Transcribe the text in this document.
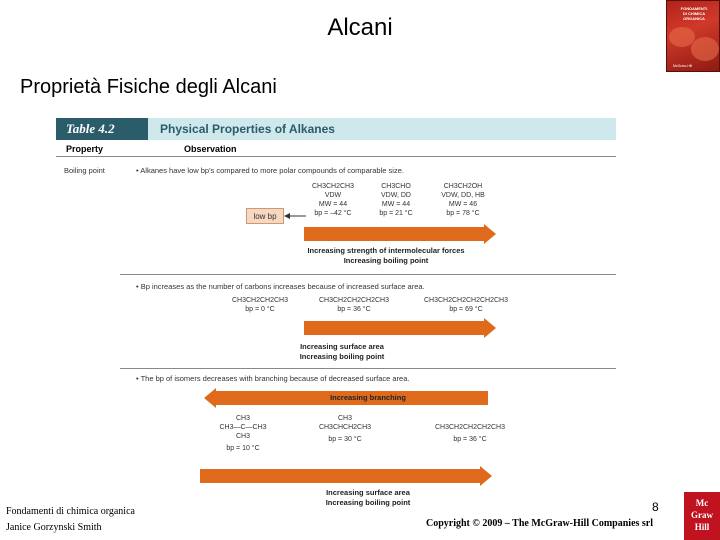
Alcani
Proprietà Fisiche degli Alcani
FONDAMENTI
DI CHIMICA
ORGANICA
McGraw-Hill
Table 4.2	Physical Properties of Alkanes
Property	Observation
Boiling point	• Alkanes have low bp's compared to more polar compounds of comparable size.
CH3CH2CH3
VDW
MW = 44
bp = –42 °C
CH3CHO
VDW, DD
MW = 44
bp = 21 °C
CH3CH2OH
VDW, DD, HB
MW = 46
bp = 78 °C
low bp
Increasing strength of intermolecular forces
Increasing boiling point
• Bp increases as the number of carbons increases because of increased surface area.
CH3CH2CH2CH3
bp = 0 °C
CH3CH2CH2CH2CH3
bp = 36 °C
CH3CH2CH2CH2CH2CH3
bp = 69 °C
Increasing surface area
Increasing boiling point
• The bp of isomers decreases with branching because of decreased surface area.
Increasing branching
CH3
CH3—C—CH3
CH3
bp = 10 °C
CH3
CH3CHCH2CH3
bp = 30 °C
CH3CH2CH2CH2CH3
bp = 36 °C
Increasing surface area
Increasing boiling point
Fondamenti di chimica organica
Janice Gorzynski Smith
8
Copyright © 2009 – The McGraw-Hill Companies srl
Mc
Graw
Hill
